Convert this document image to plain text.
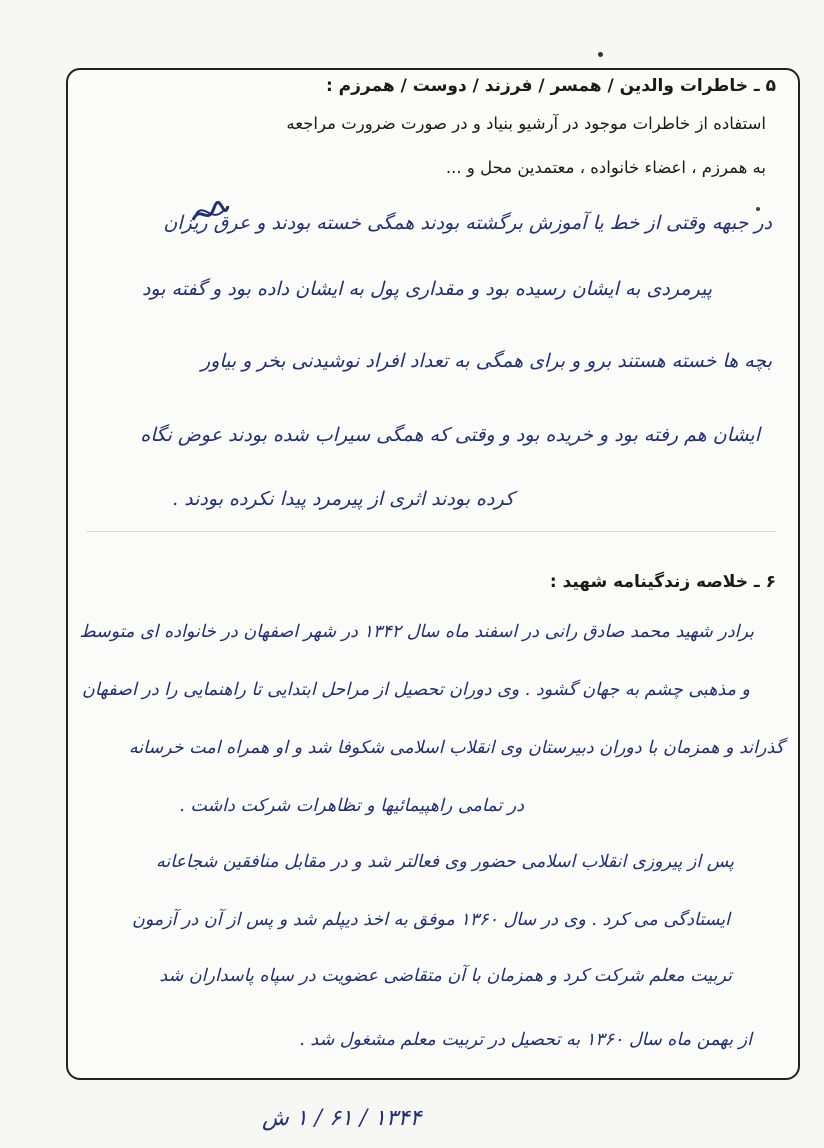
۵ ـ خاطرات والدین / همسر / فرزند / دوست / همرزم :
استفاده از خاطرات موجود در آرشیو بنیاد و در صورت ضرورت مراجعه
به همرزم ، اعضاء خانواده ، معتمدین محل و ...
در جبهه وقتی از خط یا آموزش برگشته بودند همگی خسته بودند و عرق ریزان
پیرمردی به ایشان رسیده بود و مقداری پول به ایشان داده بود و گفته بود
بچه ها خسته هستند برو و برای همگی به تعداد افراد نوشیدنی بخر و بیاور
ایشان هم رفته بود و خریده بود و وقتی که همگی سیراب شده بودند عوض نگاه
کرده بودند اثری از پیرمرد پیدا نکرده بودند .
۶ ـ خلاصه زندگینامه شهید :
برادر شهید محمد صادق رانی در اسفند ماه سال ۱۳۴۲ در شهر اصفهان در خانواده ای متوسط
و مذهبی چشم به جهان گشود . وی دوران تحصیل از مراحل ابتدایی تا راهنمایی را در اصفهان
گذراند و همزمان با دوران دبیرستان وی انقلاب اسلامی شکوفا شد و او همراه امت خرسانه
در تمامی راهپیمائیها و تظاهرات شرکت داشت .
پس از پیروزی انقلاب اسلامی حضور وی فعالتر شد و در مقابل منافقین شجاعانه
ایستادگی می کرد . وی در سال ۱۳۶۰ موفق به اخذ دیپلم شد و پس از آن در آزمون
تربیت معلم شرکت کرد و همزمان با آن متقاضی عضویت در سپاه پاسداران شد
از بهمن ماه سال ۱۳۶۰ به تحصیل در تربیت معلم مشغول شد .
۱۳۴۴ / ۶۱ / ۱ ش
